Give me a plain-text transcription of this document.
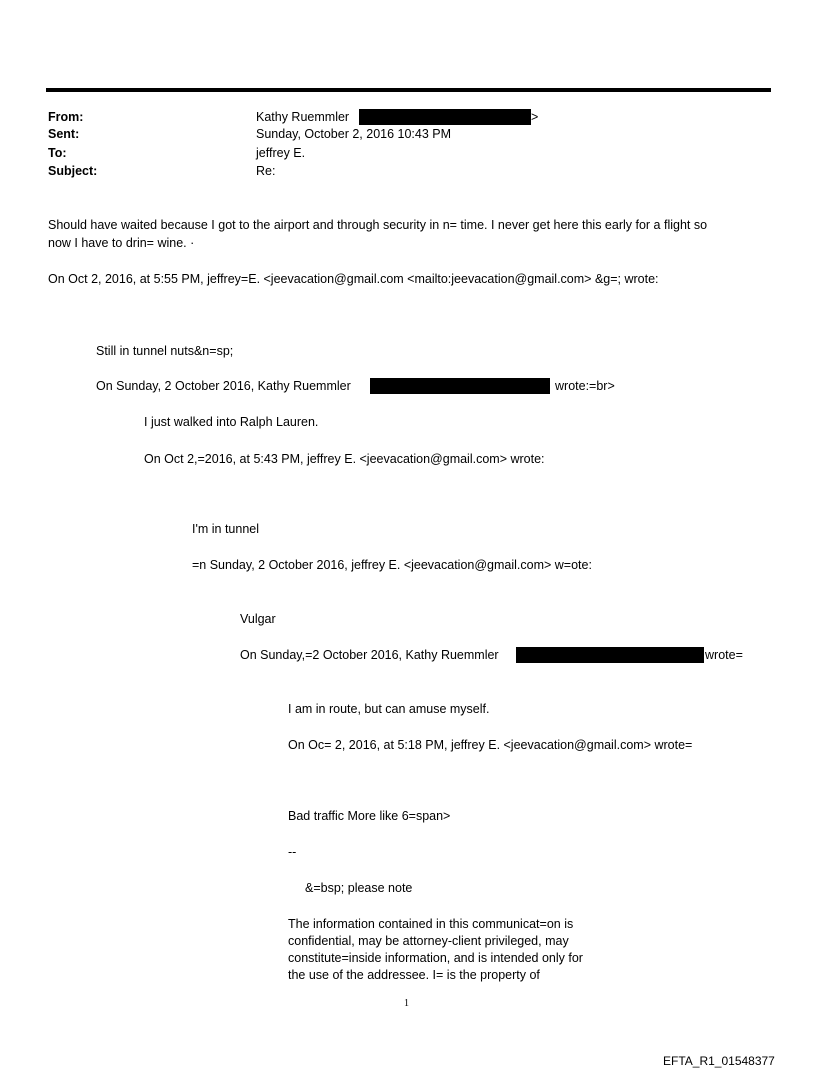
From:	Kathy Ruemmler	>
Sent:	Sunday, October 2, 2016 10:43 PM
To:	jeffrey E.
Subject:	Re:
Should have waited because I got to the airport and through security in n= time. I never get here this early for a flight so
now I have to drin= wine. ·
On Oct 2, 2016, at 5:55 PM, jeffrey=E. <jeevacation@gmail.com <mailto:jeevacation@gmail.com> &g=; wrote:
Still in tunnel nuts&n=sp;
On Sunday, 2 October 2016, Kathy Ruemmler	wrote:=br>
I just walked into Ralph Lauren.
On Oct 2,=2016, at 5:43 PM, jeffrey E. <jeevacation@gmail.com> wrote:
I'm in tunnel
=n Sunday, 2 October 2016, jeffrey E. <jeevacation@gmail.com> w=ote:
Vulgar
On Sunday,=2 October 2016, Kathy Ruemmler	wrote=
I am in route, but can amuse myself.
On Oc= 2, 2016, at 5:18 PM, jeffrey E. <jeevacation@gmail.com> wrote=
Bad traffic More like 6=span>
--
&=bsp; please note
The information contained in this communicat=on is
confidential, may be attorney-client privileged, may
constitute=inside information, and is intended only for
the use of the addressee. I= is the property of
1
EFTA_R1_01548377
